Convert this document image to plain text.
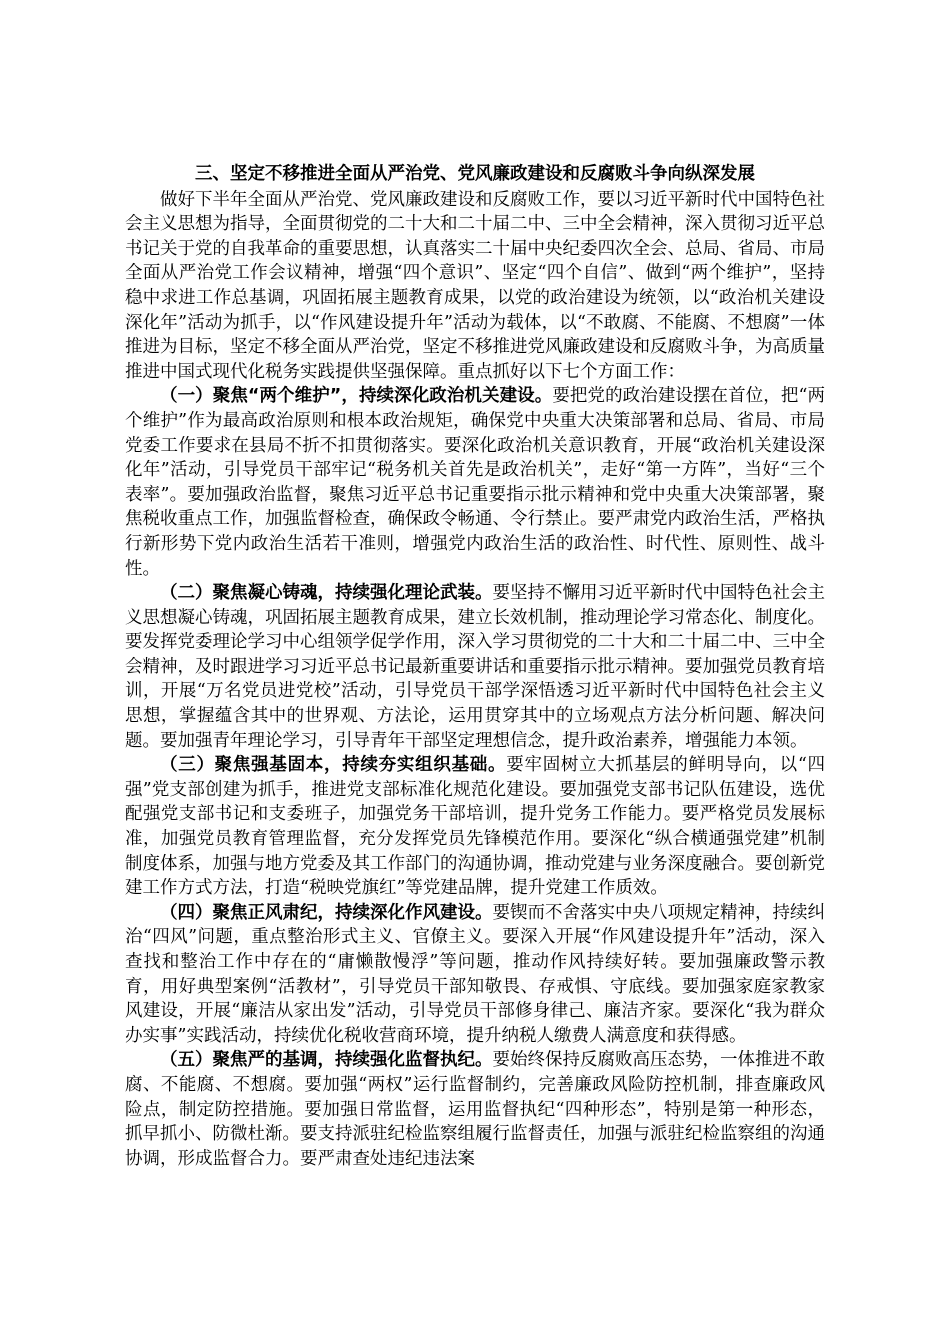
三、坚定不移推进全面从严治党、党风廉政建设和反腐败斗争向纵深发展

做好下半年全面从严治党、党风廉政建设和反腐败工作，要以习近平新时代中国特色社会主义思想为指导，全面贯彻党的二十大和二十届二中、三中全会精神，深入贯彻习近平总书记关于党的自我革命的重要思想，认真落实二十届中央纪委四次全会、总局、省局、市局全面从严治党工作会议精神，增强“四个意识”、坚定“四个自信”、做到“两个维护”，坚持稳中求进工作总基调，巩固拓展主题教育成果，以党的政治建设为统领，以“政治机关建设深化年”活动为抓手，以“作风建设提升年”活动为载体，以“不敢腐、不能腐、不想腐”一体推进为目标，坚定不移全面从严治党，坚定不移推进党风廉政建设和反腐败斗争，为高质量推进中国式现代化税务实践提供坚强保障。重点抓好以下七个方面工作：

（一）聚焦“两个维护”，持续深化政治机关建设。要把党的政治建设摆在首位，把“两个维护”作为最高政治原则和根本政治规矩，确保党中央重大决策部署和总局、省局、市局党委工作要求在县局不折不扣贯彻落实。要深化政治机关意识教育，开展“政治机关建设深化年”活动，引导党员干部牢记“税务机关首先是政治机关”，走好“第一方阵”，当好“三个表率”。要加强政治监督，聚焦习近平总书记重要指示批示精神和党中央重大决策部署，聚焦税收重点工作，加强监督检查，确保政令畅通、令行禁止。要严肃党内政治生活，严格执行新形势下党内政治生活若干准则，增强党内政治生活的政治性、时代性、原则性、战斗性。

（二）聚焦凝心铸魂，持续强化理论武装。要坚持不懈用习近平新时代中国特色社会主义思想凝心铸魂，巩固拓展主题教育成果，建立长效机制，推动理论学习常态化、制度化。要发挥党委理论学习中心组领学促学作用，深入学习贯彻党的二十大和二十届二中、三中全会精神，及时跟进学习习近平总书记最新重要讲话和重要指示批示精神。要加强党员教育培训，开展“万名党员进党校”活动，引导党员干部学深悟透习近平新时代中国特色社会主义思想，掌握蕴含其中的世界观、方法论，运用贯穿其中的立场观点方法分析问题、解决问题。要加强青年理论学习，引导青年干部坚定理想信念，提升政治素养，增强能力本领。

（三）聚焦强基固本，持续夯实组织基础。要牢固树立大抓基层的鲜明导向，以“四强”党支部创建为抓手，推进党支部标准化规范化建设。要加强党支部书记队伍建设，选优配强党支部书记和支委班子，加强党务干部培训，提升党务工作能力。要严格党员发展标准，加强党员教育管理监督，充分发挥党员先锋模范作用。要深化“纵合横通强党建”机制制度体系，加强与地方党委及其工作部门的沟通协调，推动党建与业务深度融合。要创新党建工作方式方法，打造“税映党旗红”等党建品牌，提升党建工作质效。

（四）聚焦正风肃纪，持续深化作风建设。要锲而不舍落实中央八项规定精神，持续纠治“四风”问题，重点整治形式主义、官僚主义。要深入开展“作风建设提升年”活动，深入查找和整治工作中存在的“庸懒散慢浮”等问题，推动作风持续好转。要加强廉政警示教育，用好典型案例“活教材”，引导党员干部知敬畏、存戒惧、守底线。要加强家庭家教家风建设，开展“廉洁从家出发”活动，引导党员干部修身律己、廉洁齐家。要深化“我为群众办实事”实践活动，持续优化税收营商环境，提升纳税人缴费人满意度和获得感。

（五）聚焦严的基调，持续强化监督执纪。要始终保持反腐败高压态势，一体推进不敢腐、不能腐、不想腐。要加强“两权”运行监督制约，完善廉政风险防控机制，排查廉政风险点，制定防控措施。要加强日常监督，运用监督执纪“四种形态”，特别是第一种形态，抓早抓小、防微杜渐。要支持派驻纪检监察组履行监督责任，加强与派驻纪检监察组的沟通协调，形成监督合力。要严肃查处违纪违法案
